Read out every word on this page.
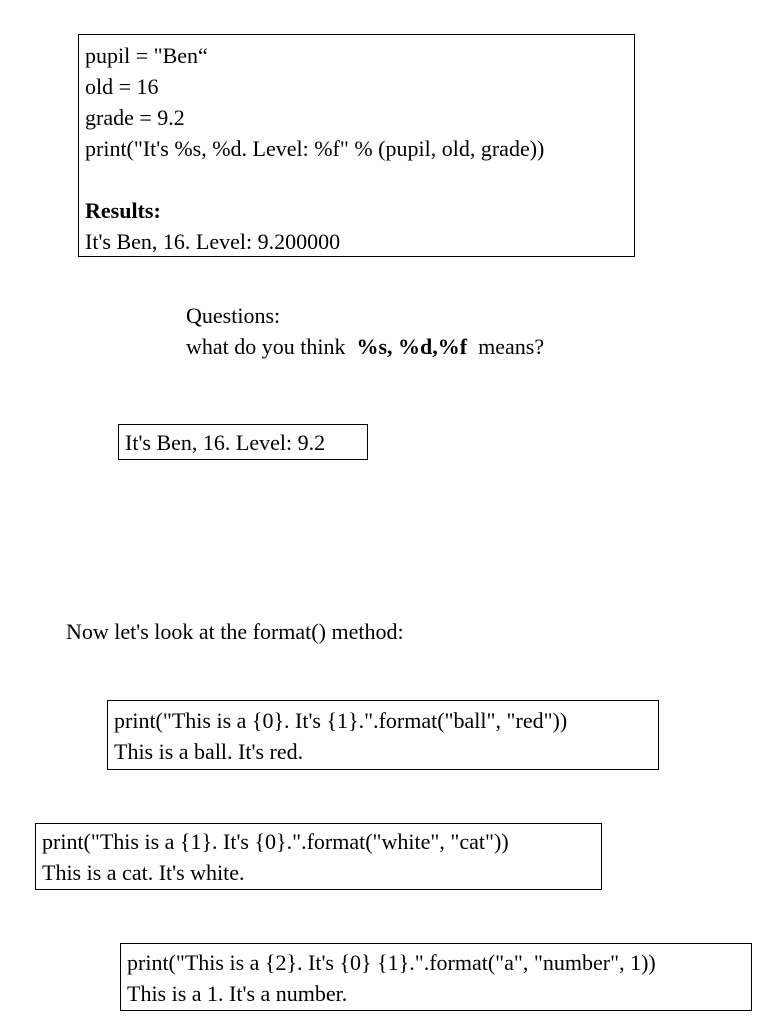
pupil = "Ben“
old = 16
grade = 9.2
print("It's %s, %d. Level: %f" % (pupil, old, grade))
Results:
It's Ben, 16. Level: 9.200000
Questions:
what do you think %s, %d,%f means?
It's Ben, 16. Level: 9.2
Now let's look at the format() method:
print("This is a {0}. It's {1}.".format("ball", "red"))
This is a ball. It's red.
print("This is a {1}. It's {0}.".format("white", "cat"))
This is a cat. It's white.
print("This is a {2}. It's {0} {1}.".format("a", "number", 1))
This is a 1. It's a number.
